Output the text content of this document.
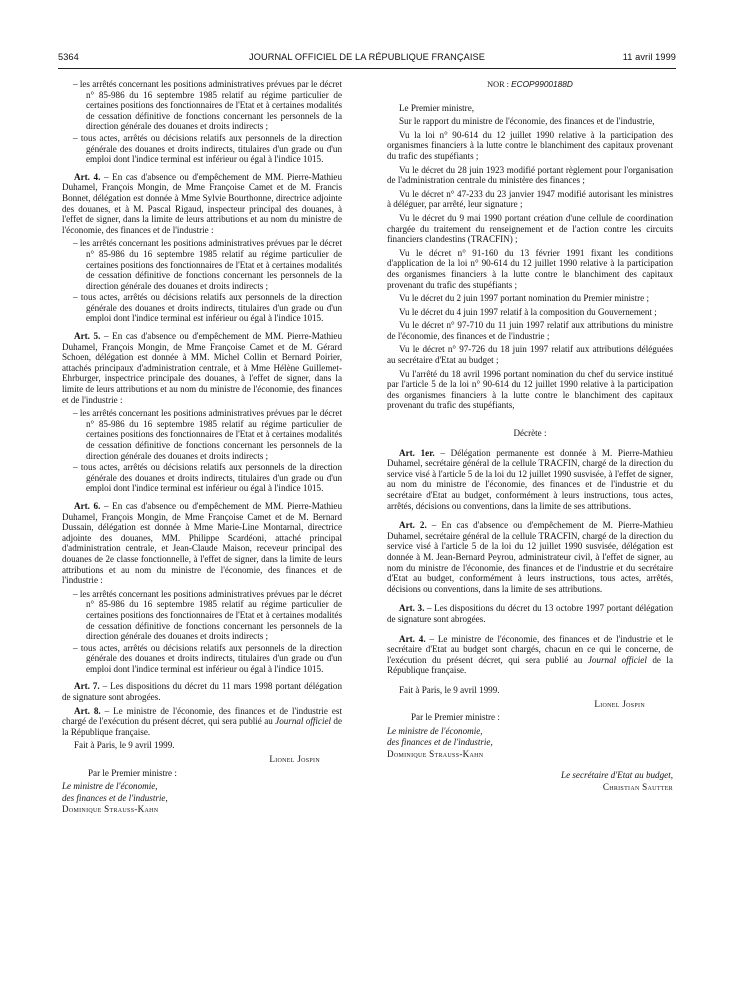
5364	JOURNAL OFFICIEL DE LA RÉPUBLIQUE FRANÇAISE	11 avril 1999

– les arrêtés concernant les positions administratives prévues par le décret n° 85-986 du 16 septembre 1985 relatif au régime particulier de certaines positions des fonctionnaires de l'Etat et à certaines modalités de cessation définitive de fonctions concernant les personnels de la direction générale des douanes et droits indirects ;

– tous actes, arrêtés ou décisions relatifs aux personnels de la direction générale des douanes et droits indirects, titulaires d'un grade ou d'un emploi dont l'indice terminal est inférieur ou égal à l'indice 1015.

Art. 4. – En cas d'absence ou d'empêchement de MM. Pierre-Mathieu Duhamel, François Mongin, de Mme Françoise Camet et de M. Francis Bonnet, délégation est donnée à Mme Sylvie Bourthonne, directrice adjointe des douanes, et à M. Pascal Rigaud, inspecteur principal des douanes, à l'effet de signer, dans la limite de leurs attributions et au nom du ministre de l'économie, des finances et de l'industrie :

– les arrêtés concernant les positions administratives prévues par le décret n° 85-986 du 16 septembre 1985 relatif au régime particulier de certaines positions des fonctionnaires de l'Etat et à certaines modalités de cessation définitive de fonctions concernant les personnels de la direction générale des douanes et droits indirects ;

– tous actes, arrêtés ou décisions relatifs aux personnels de la direction générale des douanes et droits indirects, titulaires d'un grade ou d'un emploi dont l'indice terminal est inférieur ou égal à l'indice 1015.

Art. 5. – En cas d'absence ou d'empêchement de MM. Pierre-Mathieu Duhamel, François Mongin, de Mme Françoise Camet et de M. Gérard Schoen, délégation est donnée à MM. Michel Collin et Bernard Poirier, attachés principaux d'administration centrale, et à Mme Hélène Guillemet-Ehrburger, inspectrice principale des douanes, à l'effet de signer, dans la limite de leurs attributions et au nom du ministre de l'économie, des finances et de l'industrie :

– les arrêtés concernant les positions administratives prévues par le décret n° 85-986 du 16 septembre 1985 relatif au régime particulier de certaines positions des fonctionnaires de l'Etat et à certaines modalités de cessation définitive de fonctions concernant les personnels de la direction générale des douanes et droits indirects ;

– tous actes, arrêtés ou décisions relatifs aux personnels de la direction générale des douanes et droits indirects, titulaires d'un grade ou d'un emploi dont l'indice terminal est inférieur ou égal à l'indice 1015.

Art. 6. – En cas d'absence ou d'empêchement de MM. Pierre-Mathieu Duhamel, François Mongin, de Mme Françoise Camet et de M. Bernard Dussain, délégation est donnée à Mme Marie-Line Montarnal, directrice adjointe des douanes, MM. Philippe Scardéoni, attaché principal d'administration centrale, et Jean-Claude Maison, receveur principal des douanes de 2e classe fonctionnelle, à l'effet de signer, dans la limite de leurs attributions et au nom du ministre de l'économie, des finances et de l'industrie :

– les arrêtés concernant les positions administratives prévues par le décret n° 85-986 du 16 septembre 1985 relatif au régime particulier de certaines positions des fonctionnaires de l'Etat et à certaines modalités de cessation définitive de fonctions concernant les personnels de la direction générale des douanes et droits indirects ;

– tous actes, arrêtés ou décisions relatifs aux personnels de la direction générale des douanes et droits indirects, titulaires d'un grade ou d'un emploi dont l'indice terminal est inférieur ou égal à l'indice 1015.

Art. 7. – Les dispositions du décret du 11 mars 1998 portant délégation de signature sont abrogées.

Art. 8. – Le ministre de l'économie, des finances et de l'industrie est chargé de l'exécution du présent décret, qui sera publié au Journal officiel de la République française.

Fait à Paris, le 9 avril 1999.

Lionel Jospin

Par le Premier ministre :

Le ministre de l'économie,

des finances et de l'industrie,

Dominique Strauss-Kahn

NOR : ECOP9900188D

Le Premier ministre,

Sur le rapport du ministre de l'économie, des finances et de l'industrie,

Vu la loi n° 90-614 du 12 juillet 1990 relative à la participation des organismes financiers à la lutte contre le blanchiment des capitaux provenant du trafic des stupéfiants ;

Vu le décret du 28 juin 1923 modifié portant règlement pour l'organisation de l'administration centrale du ministère des finances ;

Vu le décret n° 47-233 du 23 janvier 1947 modifié autorisant les ministres à déléguer, par arrêté, leur signature ;

Vu le décret du 9 mai 1990 portant création d'une cellule de coordination chargée du traitement du renseignement et de l'action contre les circuits financiers clandestins (TRACFIN) ;

Vu le décret n° 91-160 du 13 février 1991 fixant les conditions d'application de la loi n° 90-614 du 12 juillet 1990 relative à la participation des organismes financiers à la lutte contre le blanchiment des capitaux provenant du trafic des stupéfiants ;

Vu le décret du 2 juin 1997 portant nomination du Premier ministre ;

Vu le décret du 4 juin 1997 relatif à la composition du Gouvernement ;

Vu le décret n° 97-710 du 11 juin 1997 relatif aux attributions du ministre de l'économie, des finances et de l'industrie ;

Vu le décret n° 97-726 du 18 juin 1997 relatif aux attributions déléguées au secrétaire d'Etat au budget ;

Vu l'arrêté du 18 avril 1996 portant nomination du chef du service institué par l'article 5 de la loi n° 90-614 du 12 juillet 1990 relative à la participation des organismes financiers à la lutte contre le blanchiment des capitaux provenant du trafic des stupéfiants,

Décrète :

Art. 1er. – Délégation permanente est donnée à M. Pierre-Mathieu Duhamel, secrétaire général de la cellule TRACFIN, chargé de la direction du service visé à l'article 5 de la loi du 12 juillet 1990 susvisée, à l'effet de signer, au nom du ministre de l'économie, des finances et de l'industrie et du secrétaire d'Etat au budget, conformément à leurs instructions, tous actes, arrêtés, décisions ou conventions, dans la limite de ses attributions.

Art. 2. – En cas d'absence ou d'empêchement de M. Pierre-Mathieu Duhamel, secrétaire général de la cellule TRACFIN, chargé de la direction du service visé à l'article 5 de la loi du 12 juillet 1990 susvisée, délégation est donnée à M. Jean-Bernard Peyrou, administrateur civil, à l'effet de signer, au nom du ministre de l'économie, des finances et de l'industrie et du secrétaire d'Etat au budget, conformément à leurs instructions, tous actes, arrêtés, décisions ou conventions, dans la limite de ses attributions.

Art. 3. – Les dispositions du décret du 13 octobre 1997 portant délégation de signature sont abrogées.

Art. 4. – Le ministre de l'économie, des finances et de l'industrie et le secrétaire d'Etat au budget sont chargés, chacun en ce qui le concerne, de l'exécution du présent décret, qui sera publié au Journal officiel de la République française.

Fait à Paris, le 9 avril 1999.

Lionel Jospin

Par le Premier ministre :

Le ministre de l'économie,

des finances et de l'industrie,

Dominique Strauss-Kahn

Le secrétaire d'Etat au budget,

Christian Sautter
